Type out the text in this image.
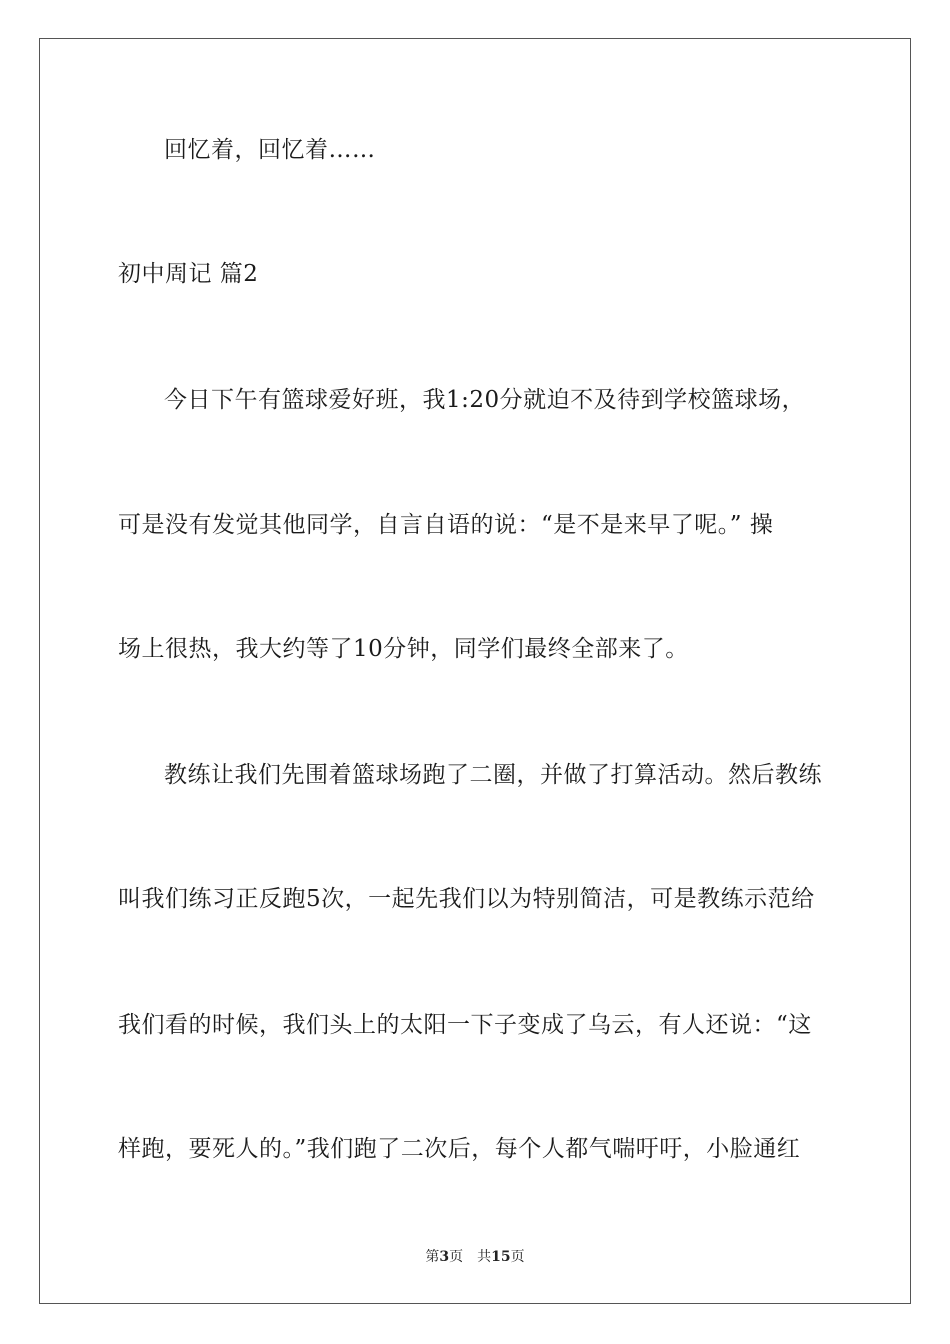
回忆着，回忆着……
初中周记 篇2
今日下午有篮球爱好班，我1:20分就迫不及待到学校篮球场，
可是没有发觉其他同学，自言自语的说：“是不是来早了呢。” 操
场上很热，我大约等了10分钟，同学们最终全部来了。
教练让我们先围着篮球场跑了二圈，并做了打算活动。然后教练
叫我们练习正反跑5次，一起先我们以为特别简洁，可是教练示范给
我们看的时候，我们头上的太阳一下子变成了乌云，有人还说：“这
样跑，要死人的。”我们跑了二次后，每个人都气喘吁吁，小脸通红
第3页 共15页
